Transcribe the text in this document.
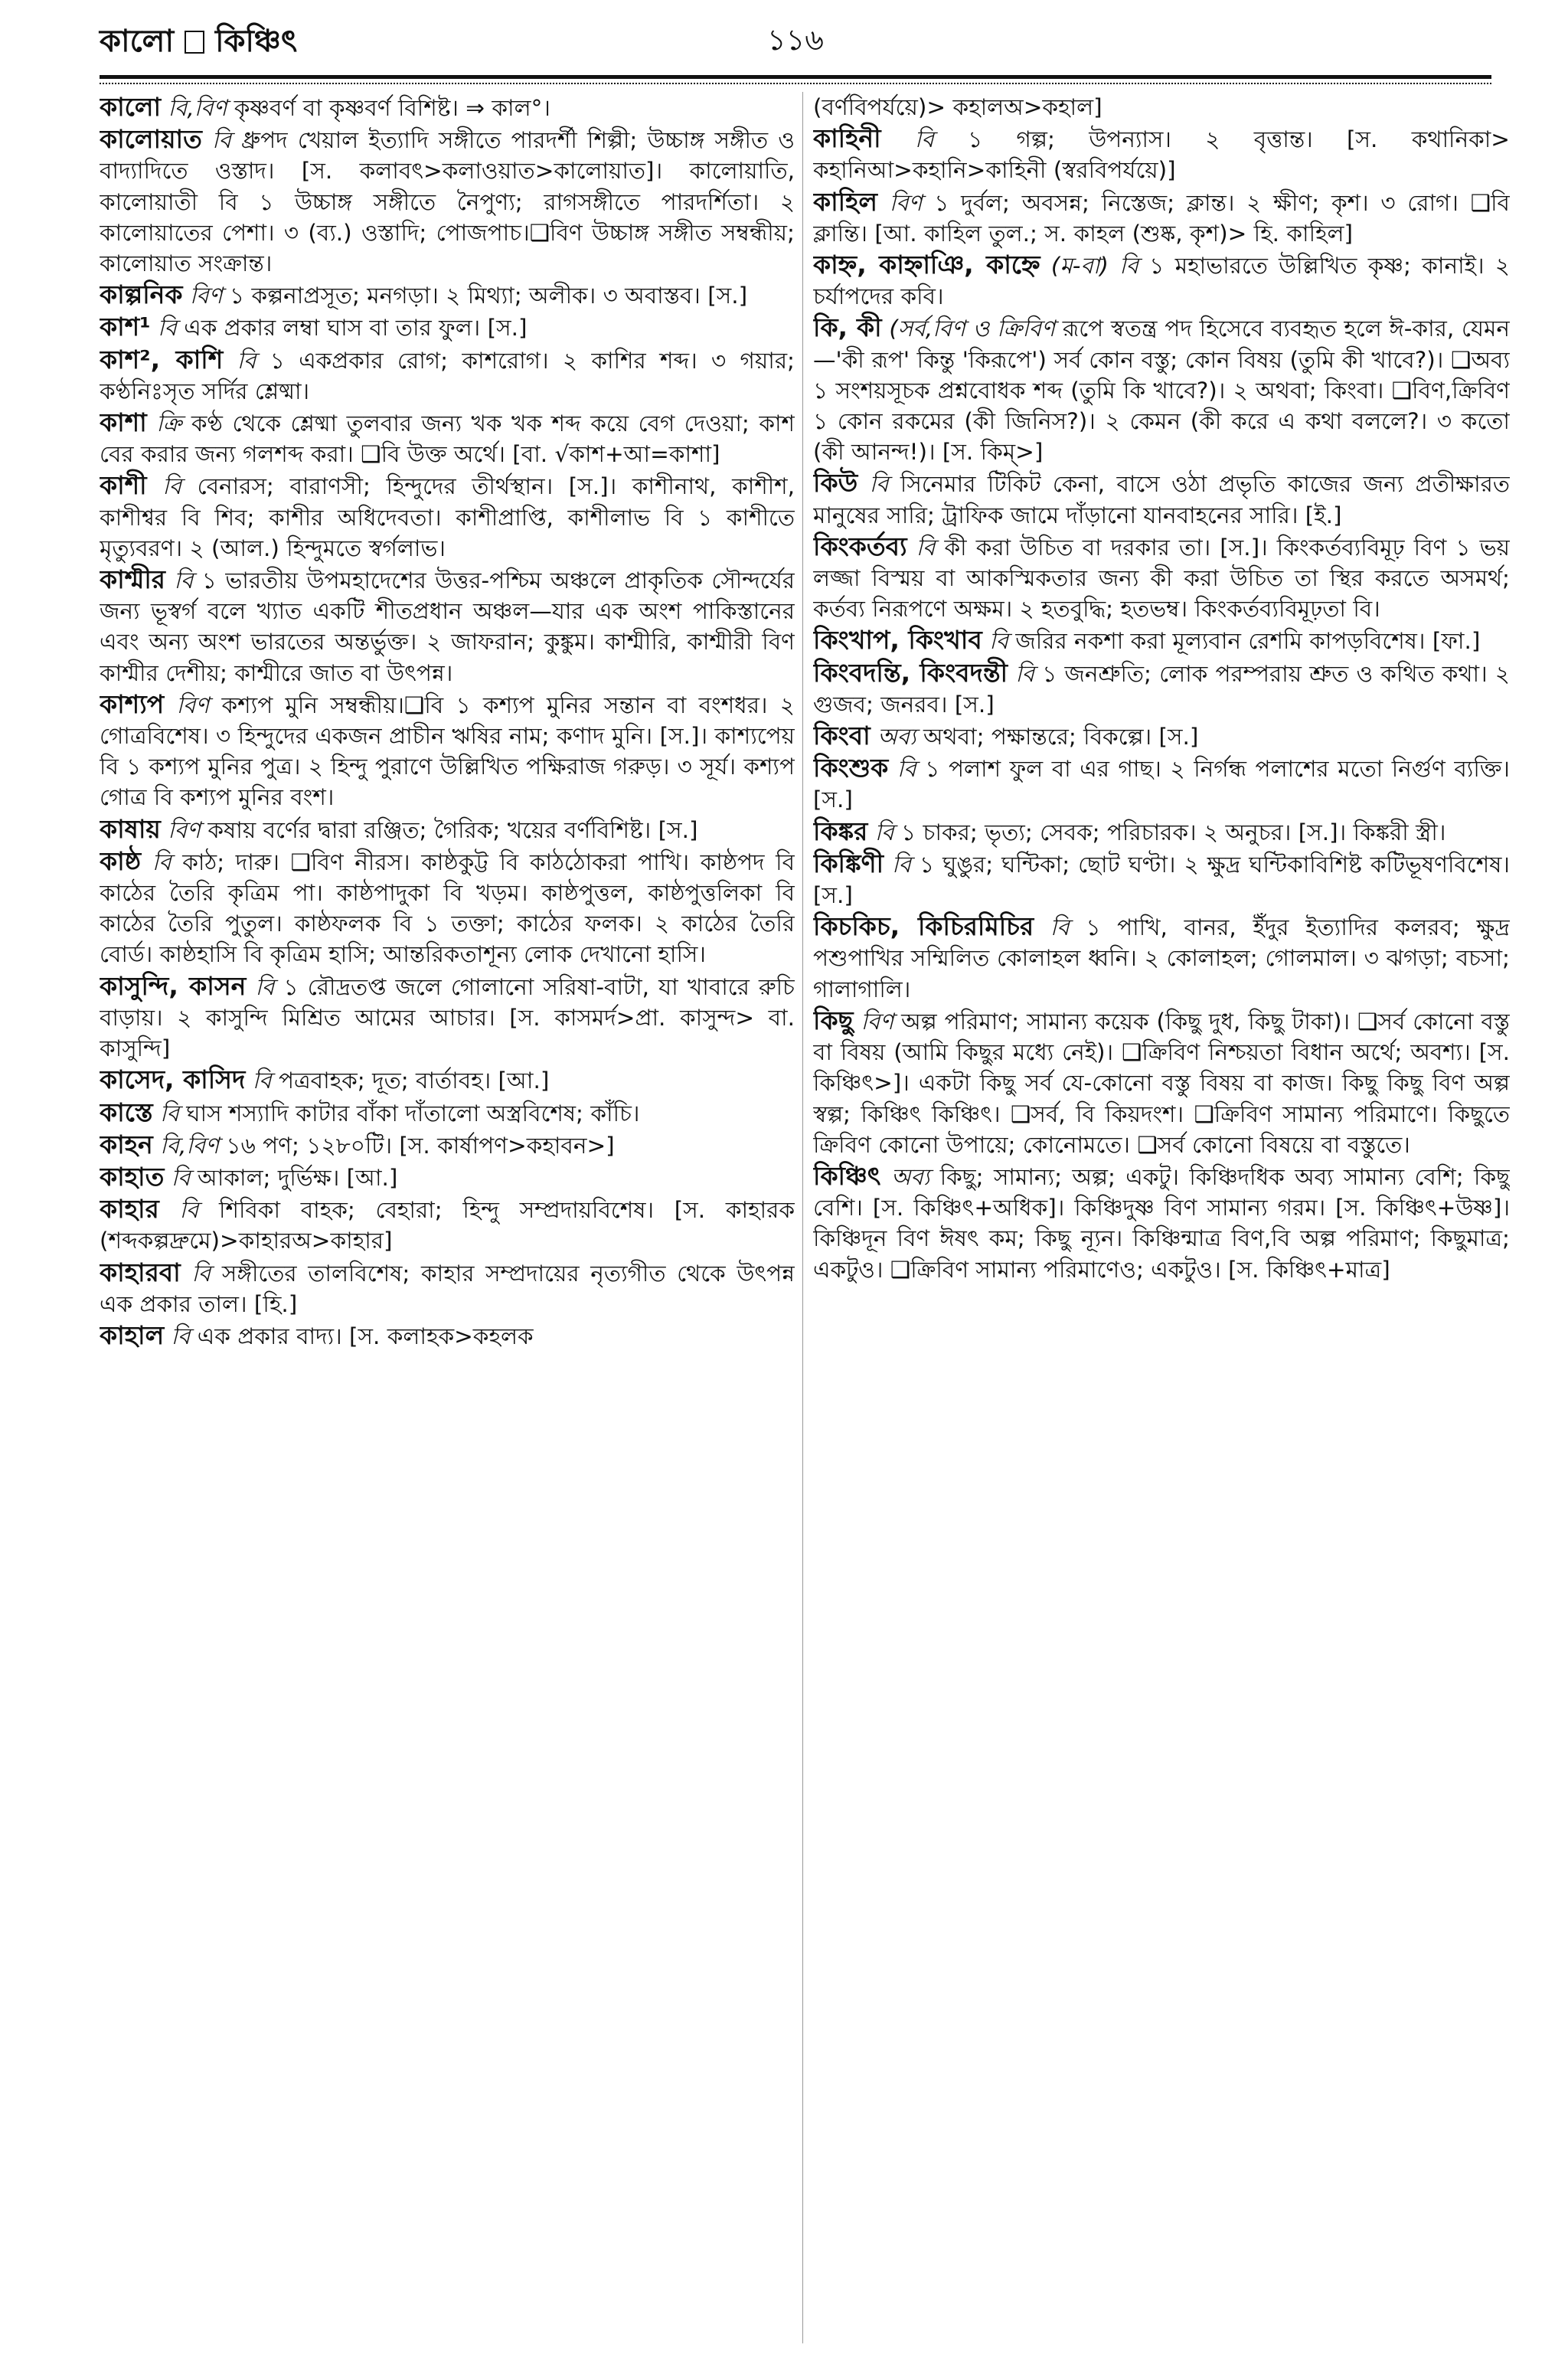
কালো কিঞ্চিৎ	১১৬

কালো বি,বিণ কৃষ্ণবর্ণ বা কৃষ্ণবর্ণ বিশিষ্ট। ⇒ কাল°।

কালোয়াত বি ধ্রুপদ খেয়াল ইত্যাদি সঙ্গীতে পারদর্শী শিল্পী; উচ্চাঙ্গ সঙ্গীত ও বাদ্যাদিতে ওস্তাদ। [স. কলাবৎ>কলাওয়াত>কালোয়াত]। কালোয়াতি, কালোয়াতী বি ১ উচ্চাঙ্গ সঙ্গীতে নৈপুণ্য; রাগসঙ্গীতে পারদর্শিতা। ২ কালোয়াতের পেশা। ৩ (ব্য.) ওস্তাদি; পোজপাচ।❑বিণ উচ্চাঙ্গ সঙ্গীত সম্বন্ধীয়; কালোয়াত সংক্রান্ত।

কাল্পনিক বিণ ১ কল্পনাপ্রসূত; মনগড়া। ২ মিথ্যা; অলীক। ৩ অবাস্তব। [স.]

কাশ¹ বি এক প্রকার লম্বা ঘাস বা তার ফুল। [স.]

কাশ², কাশি বি ১ একপ্রকার রোগ; কাশরোগ। ২ কাশির শব্দ। ৩ গয়ার; কণ্ঠনিঃসৃত সর্দির শ্লেষ্মা।

কাশা ক্রি কণ্ঠ থেকে শ্লেষ্মা তুলবার জন্য খক খক শব্দ কয়ে বেগ দেওয়া; কাশ বের করার জন্য গলশব্দ করা। ❑বি উক্ত অর্থে। [বা. √কাশ+আ=কাশা]

কাশী বি বেনারস; বারাণসী; হিন্দুদের তীর্থস্থান। [স.]। কাশীনাথ, কাশীশ, কাশীশ্বর বি শিব; কাশীর অধিদেবতা। কাশীপ্রাপ্তি, কাশীলাভ বি ১ কাশীতে মৃত্যুবরণ। ২ (আল.) হিন্দুমতে স্বর্গলাভ।

কাশ্মীর বি ১ ভারতীয় উপমহাদেশের উত্তর-পশ্চিম অঞ্চলে প্রাকৃতিক সৌন্দর্যের জন্য ভূস্বর্গ বলে খ্যাত একটি শীতপ্রধান অঞ্চল—যার এক অংশ পাকিস্তানের এবং অন্য অংশ ভারতের অন্তর্ভুক্ত। ২ জাফরান; কুঙ্কুম। কাশ্মীরি, কাশ্মীরী বিণ কাশ্মীর দেশীয়; কাশ্মীরে জাত বা উৎপন্ন।

কাশ্যপ বিণ কশ্যপ মুনি সম্বন্ধীয়।❑বি ১ কশ্যপ মুনির সন্তান বা বংশধর। ২ গোত্রবিশেষ। ৩ হিন্দুদের একজন প্রাচীন ঋষির নাম; কণাদ মুনি। [স.]। কাশ্যপেয় বি ১ কশ্যপ মুনির পুত্র। ২ হিন্দু পুরাণে উল্লিখিত পক্ষিরাজ গরুড়। ৩ সূর্য। কশ্যপ গোত্র বি কশ্যপ মুনির বংশ।

কাষায় বিণ কষায় বর্ণের দ্বারা রঞ্জিত; গৈরিক; খয়ের বর্ণবিশিষ্ট। [স.]

কাষ্ঠ বি কাঠ; দারু। ❑বিণ নীরস। কাষ্ঠকুট্ট বি কাঠঠোকরা পাখি। কাষ্ঠপদ বি কাঠের তৈরি কৃত্রিম পা। কাষ্ঠপাদুকা বি খড়ম। কাষ্ঠপুত্তল, কাষ্ঠপুত্তলিকা বি কাঠের তৈরি পুতুল। কাষ্ঠফলক বি ১ তক্তা; কাঠের ফলক। ২ কাঠের তৈরি বোর্ড। কাষ্ঠহাসি বি কৃত্রিম হাসি; আন্তরিকতাশূন্য লোক দেখানো হাসি।

কাসুন্দি, কাসন বি ১ রৌদ্রতপ্ত জলে গোলানো সরিষা-বাটা, যা খাবারে রুচি বাড়ায়। ২ কাসুন্দি মিশ্রিত আমের আচার। [স. কাসমর্দ>প্রা. কাসুন্দ> বা. কাসুন্দি]

কাসেদ, কাসিদ বি পত্রবাহক; দূত; বার্তাবহ। [আ.]

কাস্তে বি ঘাস শস্যাদি কাটার বাঁকা দাঁতালো অস্ত্রবিশেষ; কাঁচি।

কাহন বি,বিণ ১৬ পণ; ১২৮০টি। [স. কার্ষাপণ>কহাবন>]

কাহাত বি আকাল; দুর্ভিক্ষ। [আ.]

কাহার বি শিবিকা বাহক; বেহারা; হিন্দু সম্প্রদায়বিশেষ। [স. কাহারক (শব্দকল্পদ্রুমে)>কাহারঅ>কাহার]

কাহারবা বি সঙ্গীতের তালবিশেষ; কাহার সম্প্রদায়ের নৃত্যগীত থেকে উৎপন্ন এক প্রকার তাল। [হি.]

কাহাল বি এক প্রকার বাদ্য। [স. কলাহক>কহলক

(বর্ণবিপর্যয়ে)> কহালঅ>কহাল]

কাহিনী বি ১ গল্প; উপন্যাস। ২ বৃত্তান্ত। [স. কথানিকা> কহানিআ>কহানি>কাহিনী (স্বরবিপর্যয়ে)]

কাহিল বিণ ১ দুর্বল; অবসন্ন; নিস্তেজ; ক্লান্ত। ২ ক্ষীণ; কৃশ। ৩ রোগ। ❑বি ক্লান্তি। [আ. কাহিল তুল.; স. কাহল (শুষ্ক, কৃশ)> হি. কাহিল]

কাহ্ন, কাহ্নাঞি, কাহ্নে (ম-বা) বি ১ মহাভারতে উল্লিখিত কৃষ্ণ; কানাই। ২ চর্যাপদের কবি।

কি, কী (সর্ব,বিণ ও ক্রিবিণ রূপে স্বতন্ত্র পদ হিসেবে ব্যবহৃত হলে ঈ-কার, যেমন—'কী রূপ' কিন্তু 'কিরূপে') সর্ব কোন বস্তু; কোন বিষয় (তুমি কী খাবে?)। ❑অব্য ১ সংশয়সূচক প্রশ্নবোধক শব্দ (তুমি কি খাবে?)। ২ অথবা; কিংবা। ❑বিণ,ক্রিবিণ ১ কোন রকমের (কী জিনিস?)। ২ কেমন (কী করে এ কথা বললে?। ৩ কতো (কী আনন্দ!)। [স. কিম্>]

কিউ বি সিনেমার টিকিট কেনা, বাসে ওঠা প্রভৃতি কাজের জন্য প্রতীক্ষারত মানুষের সারি; ট্রাফিক জামে দাঁড়ানো যানবাহনের সারি। [ই.]

কিংকর্তব্য বি কী করা উচিত বা দরকার তা। [স.]। কিংকর্তব্যবিমূঢ় বিণ ১ ভয় লজ্জা বিস্ময় বা আকস্মিকতার জন্য কী করা উচিত তা স্থির করতে অসমর্থ; কর্তব্য নিরূপণে অক্ষম। ২ হতবুদ্ধি; হতভম্ব। কিংকর্তব্যবিমূঢ়তা বি।

কিংখাপ, কিংখাব বি জরির নকশা করা মূল্যবান রেশমি কাপড়বিশেষ। [ফা.]

কিংবদন্তি, কিংবদন্তী বি ১ জনশ্রুতি; লোক পরম্পরায় শ্রুত ও কথিত কথা। ২ গুজব; জনরব। [স.]

কিংবা অব্য অথবা; পক্ষান্তরে; বিকল্পে। [স.]

কিংশুক বি ১ পলাশ ফুল বা এর গাছ। ২ নির্গন্ধ পলাশের মতো নির্গুণ ব্যক্তি। [স.]

কিঙ্কর বি ১ চাকর; ভৃত্য; সেবক; পরিচারক। ২ অনুচর। [স.]। কিঙ্করী স্ত্রী।

কিঙ্কিণী বি ১ ঘুঙুর; ঘন্টিকা; ছোট ঘণ্টা। ২ ক্ষুদ্র ঘন্টিকাবিশিষ্ট কটিভূষণবিশেষ। [স.]

কিচকিচ, কিচিরমিচির বি ১ পাখি, বানর, ইঁদুর ইত্যাদির কলরব; ক্ষুদ্র পশুপাখির সম্মিলিত কোলাহল ধ্বনি। ২ কোলাহল; গোলমাল। ৩ ঝগড়া; বচসা; গালাগালি।

কিছু বিণ অল্প পরিমাণ; সামান্য কয়েক (কিছু দুধ, কিছু টাকা)। ❑সর্ব কোনো বস্তু বা বিষয় (আমি কিছুর মধ্যে নেই)। ❑ক্রিবিণ নিশ্চয়তা বিধান অর্থে; অবশ্য। [স. কিঞ্চিৎ>]। একটা কিছু সর্ব যে-কোনো বস্তু বিষয় বা কাজ। কিছু কিছু বিণ অল্প স্বল্প; কিঞ্চিৎ কিঞ্চিৎ। ❑সর্ব, বি কিয়দংশ। ❑ক্রিবিণ সামান্য পরিমাণে। কিছুতে ক্রিবিণ কোনো উপায়ে; কোনোমতে। ❑সর্ব কোনো বিষয়ে বা বস্তুতে।

কিঞ্চিৎ অব্য কিছু; সামান্য; অল্প; একটু। কিঞ্চিদধিক অব্য সামান্য বেশি; কিছু বেশি। [স. কিঞ্চিৎ+অধিক]। কিঞ্চিদুষ্ণ বিণ সামান্য গরম। [স. কিঞ্চিৎ+উষ্ণ]। কিঞ্চিদূন বিণ ঈষৎ কম; কিছু ন্যূন। কিঞ্চিন্মাত্র বিণ,বি অল্প পরিমাণ; কিছুমাত্র; একটুও। ❑ক্রিবিণ সামান্য পরিমাণেও; একটুও। [স. কিঞ্চিৎ+মাত্র]
